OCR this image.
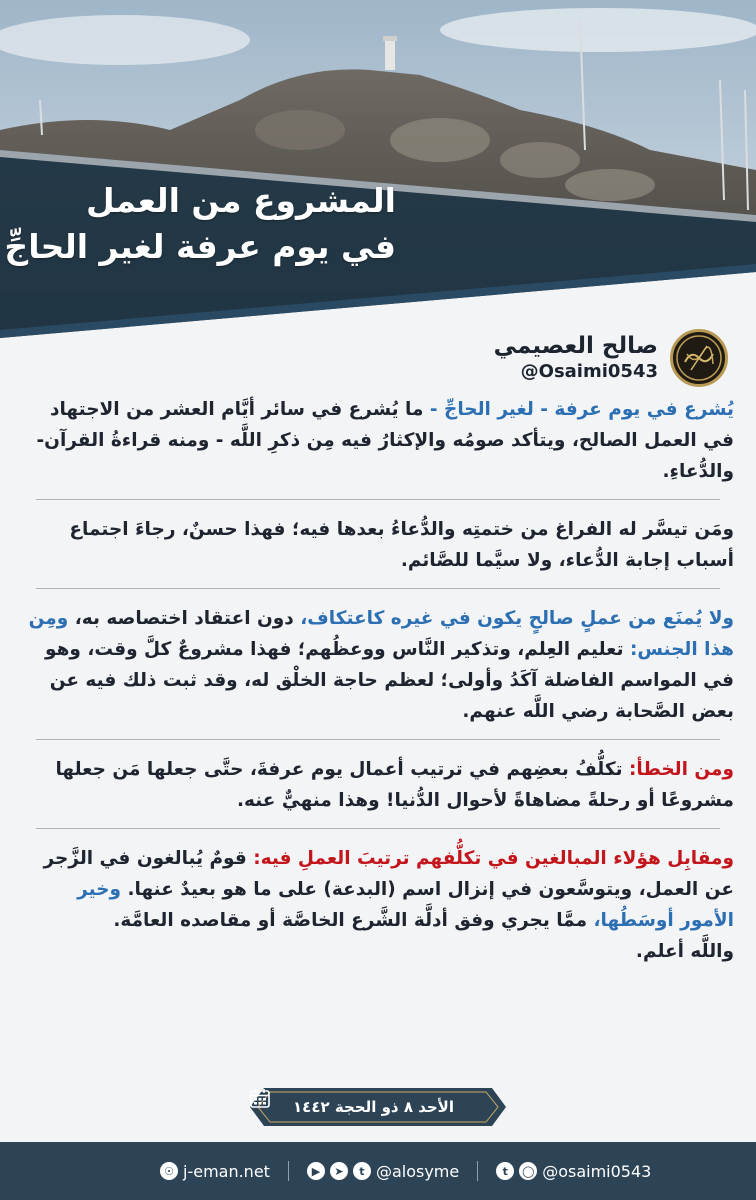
المشروع من العمل
في يوم عرفة لغير الحاجِّ
صالح العصيمي
@Osaimi0543

يُشرع في يوم عرفة - لغير الحاجِّ - ما يُشرع في سائر أيَّام العشر من الاجتهاد في العمل الصالح، ويتأكد صومُه والإكثارُ فيه مِن ذكرِ اللَّه - ومنه قراءةُ القرآن- والدُّعاءِ.

ومَن تيسَّر له الفراغ من ختمتِه والدُّعاءُ بعدها فيه؛ فهذا حسنٌ، رجاءَ اجتماع أسباب إجابة الدُّعاء، ولا سيَّما للصَّائم.

ولا يُمنَع من عملٍ صالحٍ يكون في غيره كاعتكاف، دون اعتقاد اختصاصه به، ومِن هذا الجنس: تعليم العِلم، وتذكير النَّاس ووعظُهم؛ فهذا مشروعٌ كلَّ وقت، وهو في المواسم الفاضلة آكَدُ وأولى؛ لعظم حاجة الخلْق له، وقد ثبت ذلك فيه عن بعض الصَّحابة رضي اللَّه عنهم.

ومن الخطأ: تكلُّفُ بعضِهم في ترتيب أعمال يوم عرفةَ، حتَّى جعلها مَن جعلها مشروعًا أو رحلةً مضاهاةً لأحوال الدُّنيا! وهذا منهيٌّ عنه.

ومقابِل هؤلاء المبالغين في تكلُّفهم ترتيبَ العملِ فيه: قومٌ يُبالغون في الزَّجر عن العمل، ويتوسَّعون في إنزال اسم (البدعة) على ما هو بعيدٌ عنها. وخير الأمور أوسَطُها، ممَّا يجري وفق أدلَّة الشَّرع الخاصَّة أو مقاصده العامَّة.
واللَّه أعلم.

الأحد ٨ ذو الحجة ١٤٤٢
☉ j-eman.net	▶	➤	t @alosyme	t	◯ @osaimi0543
